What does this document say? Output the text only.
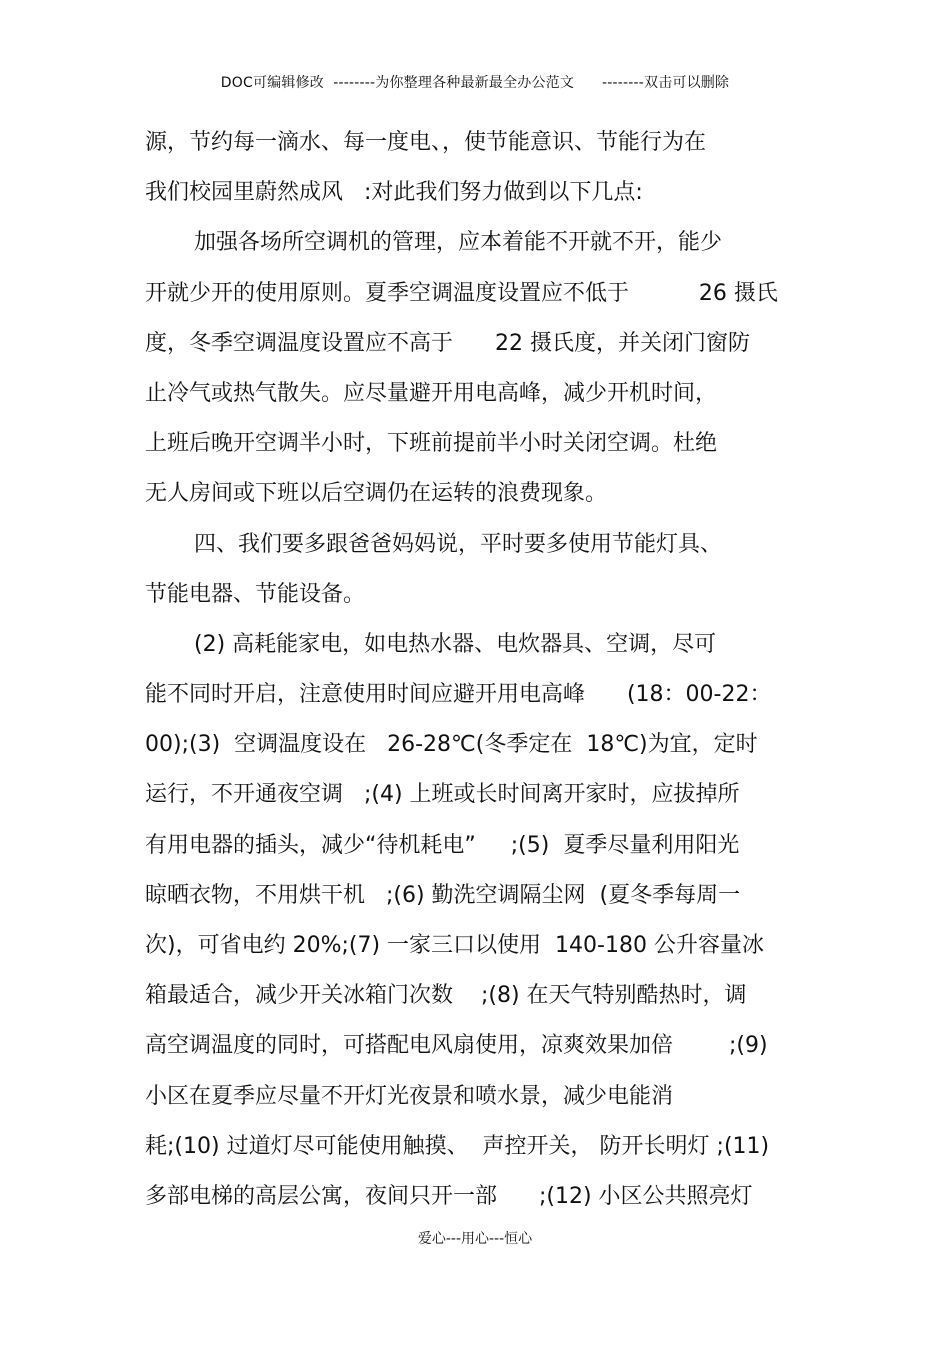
DOC可编辑修改  --------为你整理各种最新最全办公范文      --------双击可以删除
源，节约每一滴水、每一度电、，使节能意识、节能行为在
我们校园里蔚然成风   :对此我们努力做到以下几点:
加强各场所空调机的管理，应本着能不开就不开，能少
开就少开的使用原则。夏季空调温度设置应不低于          26 摄氏
度，冬季空调温度设置应不高于      22 摄氏度，并关闭门窗防
止冷气或热气散失。应尽量避开用电高峰，减少开机时间，
上班后晚开空调半小时，下班前提前半小时关闭空调。杜绝
无人房间或下班以后空调仍在运转的浪费现象。
四、我们要多跟爸爸妈妈说，平时要多使用节能灯具、
节能电器、节能设备。
(2) 高耗能家电，如电热水器、电炊器具、空调，尽可
能不同时开启，注意使用时间应避开用电高峰      (18：00-22：
00);(3)  空调温度设在   26-28℃(冬季定在  18℃)为宜，定时
运行，不开通夜空调   ;(4) 上班或长时间离开家时，应拔掉所
有用电器的插头，减少“待机耗电”     ;(5)  夏季尽量利用阳光
晾晒衣物，不用烘干机   ;(6) 勤洗空调隔尘网  (夏冬季每周一
次)，可省电约 20%;(7) 一家三口以使用  140-180 公升容量冰
箱最适合，减少开关冰箱门次数    ;(8) 在天气特别酷热时，调
高空调温度的同时，可搭配电风扇使用，凉爽效果加倍        ;(9)
小区在夏季应尽量不开灯光夜景和喷水景，减少电能消
耗;(10) 过道灯尽可能使用触摸、  声控开关， 防开长明灯 ;(11)
多部电梯的高层公寓，夜间只开一部      ;(12) 小区公共照亮灯
爱心---用心---恒心
